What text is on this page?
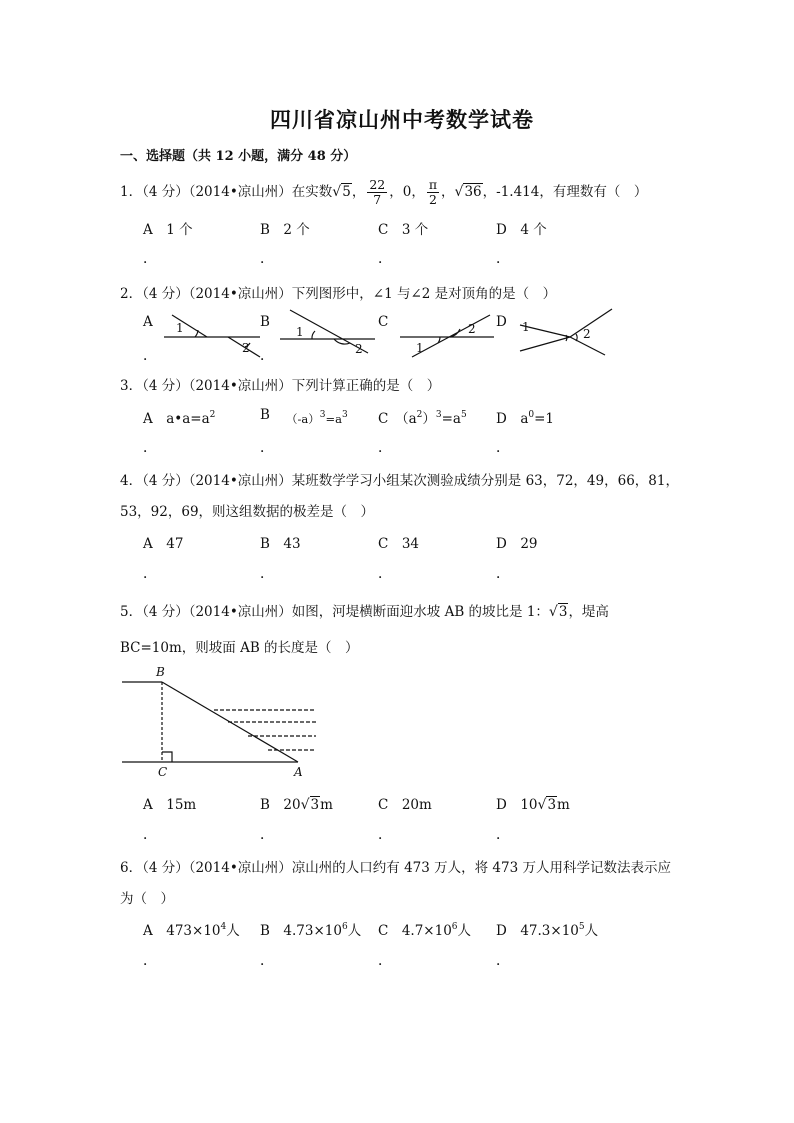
四川省凉山州中考数学试卷
一、选择题（共 12 小题，满分 48 分）
1．（4 分）（2014•凉山州）在实数√5， $\frac{22}{7}$ ，0， $\frac{\pi}{2}$ ，√36，-1.414，有理数有（　）
A　1 个	B　2 个	C　3 个	D　4 个
．	．	．	．
2．（4 分）（2014•凉山州）下列图形中，∠1 与∠2 是对顶角的是（　）
A	B	C	D
．	．
1
2
1
2	1
2	1	2
3．（4 分）（2014•凉山州）下列计算正确的是（　）
A　$a•a=a^2$	B $(-a)^3=a^3$ C　$(a^2)^3=a^5$ D　$a^0=1$
．	．	．	．
4．（4 分）（2014•凉山州）某班数学学习小组某次测验成绩分别是 63，72，49，66，81，
53，92，69，则这组数据的极差是（　）
A　47	B　43	C　34	D　29
．	．	．	．
5．（4 分）（2014•凉山州）如图，河堤横断面迎水坡 AB 的坡比是 1：√3，堤高
BC=10m，则坡面 AB 的长度是（　）
B
C	A
A　15m	B　20√3m	C　20m	D　10√3m
．	．	．	．
6．（4 分）（2014•凉山州）凉山州的人口约有 473 万人，将 473 万人用科学记数法表示应
为（　）
A　$473\times 10^4$人 B　$4.73\times 10^6$人 C　$4.7\times 10^6$人 D　$47.3\times 10^5$人
．	．	．	．
